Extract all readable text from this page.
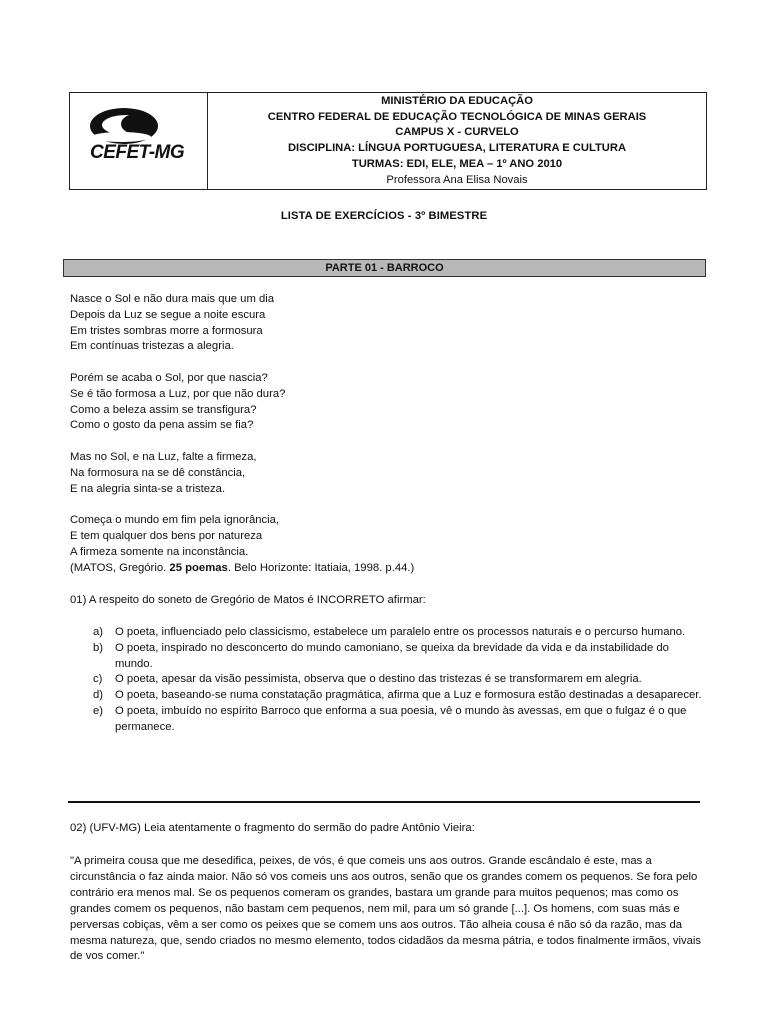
CEFET-MG
MINISTÉRIO DA EDUCAÇÃO
CENTRO FEDERAL DE EDUCAÇÃO TECNOLÓGICA DE MINAS GERAIS
CAMPUS X - CURVELO
DISCIPLINA: LÍNGUA PORTUGUESA, LITERATURA E CULTURA
TURMAS: EDI, ELE, MEA – 1º ANO 2010
Professora Ana Elisa Novais
LISTA DE EXERCÍCIOS - 3º BIMESTRE
PARTE 01 - BARROCO
Nasce o Sol e não dura mais que um dia
Depois da Luz se segue a noite escura
Em tristes sombras morre a formosura
Em contínuas tristezas a alegria.
Porém se acaba o Sol, por que nascia?
Se é tão formosa a Luz, por que não dura?
Como a beleza assim se transfigura?
Como o gosto da pena assim se fia?
Mas no Sol, e na Luz, falte a firmeza,
Na formosura na se dê constância,
E na alegria sinta-se a tristeza.
Começa o mundo em fim pela ignorância,
E tem qualquer dos bens por natureza
A firmeza somente na inconstância.
(MATOS, Gregório. 25 poemas. Belo Horizonte: Itatiaia, 1998. p.44.)
01) A respeito do soneto de Gregório de Matos é INCORRETO afirmar:
a)	O poeta, influenciado pelo classicismo, estabelece um paralelo entre os processos naturais e o percurso humano.
b)	O poeta, inspirado no desconcerto do mundo camoniano, se queixa da brevidade da vida e da instabilidade do mundo.
c)	O poeta, apesar da visão pessimista, observa que o destino das tristezas é se transformarem em alegria.
d)	O poeta, baseando-se numa constatação pragmática, afirma que a Luz e formosura estão destinadas a desaparecer.
e)	O poeta, imbuído no espírito Barroco que enforma a sua poesia, vê o mundo às avessas, em que o fulgaz é o que permanece.
02) (UFV-MG) Leia atentamente o fragmento do sermão do padre Antônio Vieira:
"A primeira cousa que me desedifica, peixes, de vós, é que comeis uns aos outros. Grande escândalo é este, mas a circunstância o faz ainda maior. Não só vos comeis uns aos outros, senão que os grandes comem os pequenos. Se fora pelo contrário era menos mal. Se os pequenos comeram os grandes, bastara um grande para muitos pequenos; mas como os grandes comem os pequenos, não bastam cem pequenos, nem mil, para um só grande [...]. Os homens, com suas más e perversas cobiças, vêm a ser como os peixes que se comem uns aos outros. Tão alheia cousa é não só da razão, mas da mesma natureza, que, sendo criados no mesmo elemento, todos cidadãos da mesma pátria, e todos finalmente irmãos, vivais de vos comer."
